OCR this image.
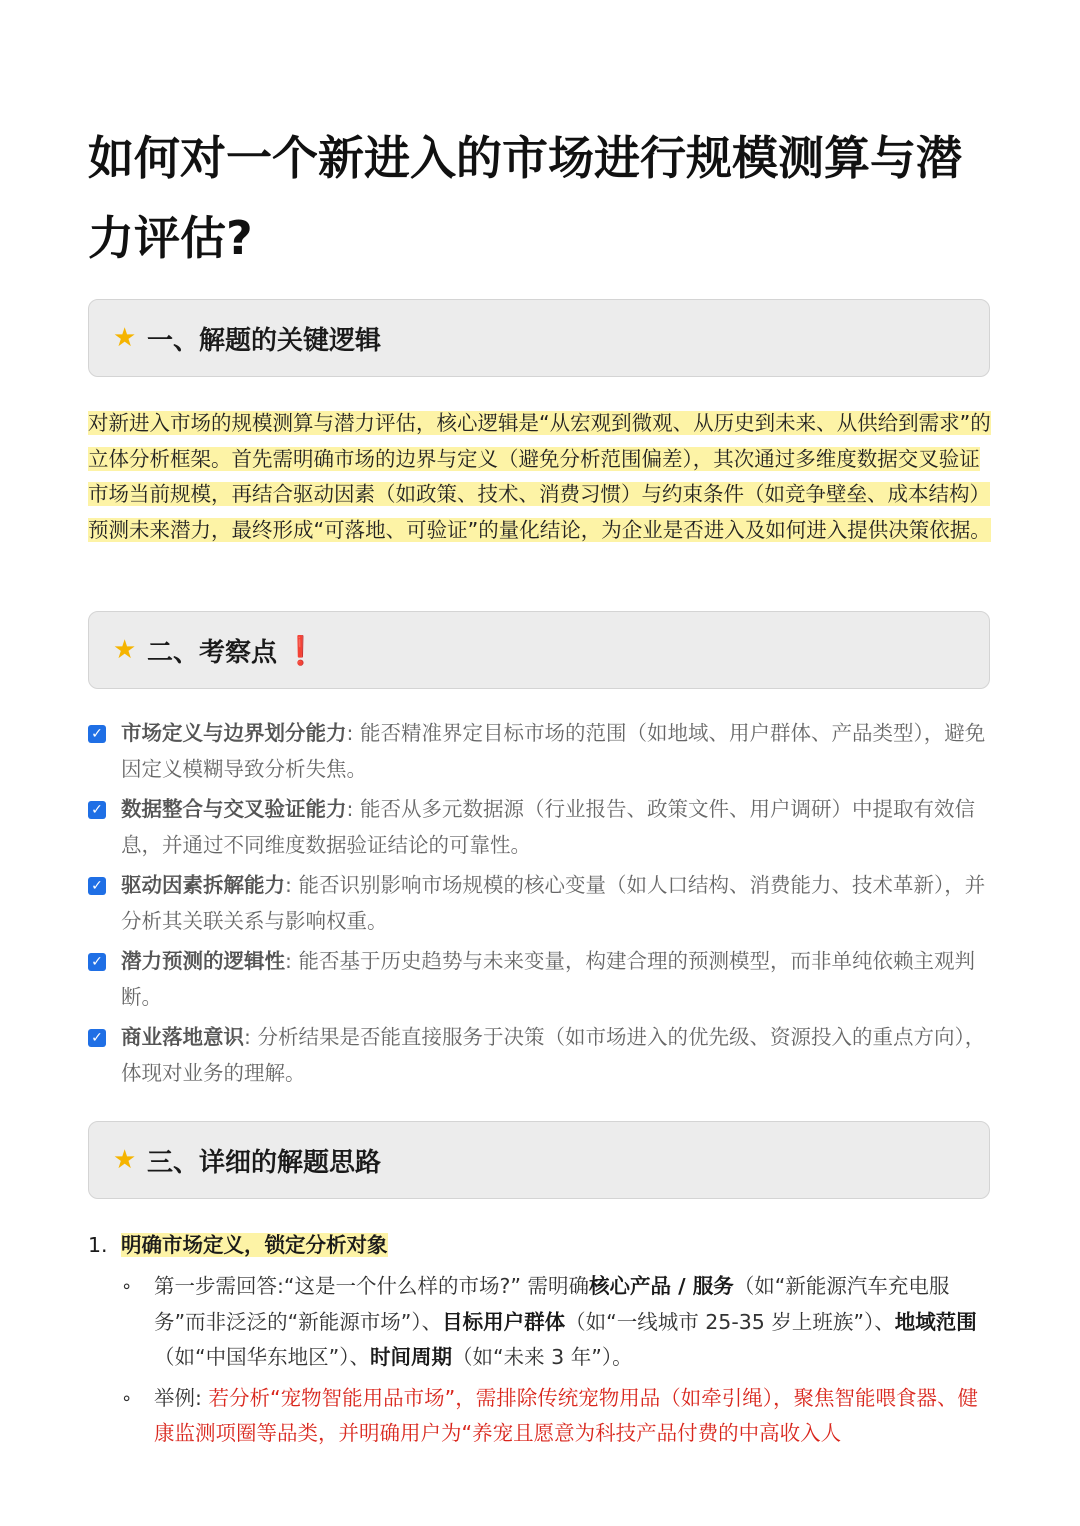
如何对一个新进入的市场进行规模测算与潜力评估?
★ 一、解题的关键逻辑

对新进入市场的规模测算与潜力评估，核心逻辑是“从宏观到微观、从历史到未来、从供给到需求”的立体分析框架。首先需明确市场的边界与定义（避免分析范围偏差），其次通过多维度数据交叉验证市场当前规模，再结合驱动因素（如政策、技术、消费习惯）与约束条件（如竞争壁垒、成本结构）预测未来潜力，最终形成“可落地、可验证”的量化结论，为企业是否进入及如何进入提供决策依据。

★ 二、考察点 ❗
✓ 市场定义与边界划分能力: 能否精准界定目标市场的范围（如地域、用户群体、产品类型），避免因定义模糊导致分析失焦。
✓ 数据整合与交叉验证能力: 能否从多元数据源（行业报告、政策文件、用户调研）中提取有效信息，并通过不同维度数据验证结论的可靠性。
✓ 驱动因素拆解能力: 能否识别影响市场规模的核心变量（如人口结构、消费能力、技术革新），并分析其关联关系与影响权重。
✓ 潜力预测的逻辑性: 能否基于历史趋势与未来变量，构建合理的预测模型，而非单纯依赖主观判断。
✓ 商业落地意识: 分析结果是否能直接服务于决策（如市场进入的优先级、资源投入的重点方向），体现对业务的理解。
★ 三、详细的解题思路
1. 明确市场定义，锁定分析对象
∘ 第一步需回答:“这是一个什么样的市场?” 需明确核心产品 / 服务（如“新能源汽车充电服务”而非泛泛的“新能源市场”）、目标用户群体（如“一线城市 25-35 岁上班族”）、地域范围（如“中国华东地区”）、时间周期（如“未来 3 年”）。
∘ 举例: 若分析“宠物智能用品市场”，需排除传统宠物用品（如牵引绳），聚焦智能喂食器、健康监测项圈等品类，并明确用户为“养宠且愿意为科技产品付费的中高收入人
